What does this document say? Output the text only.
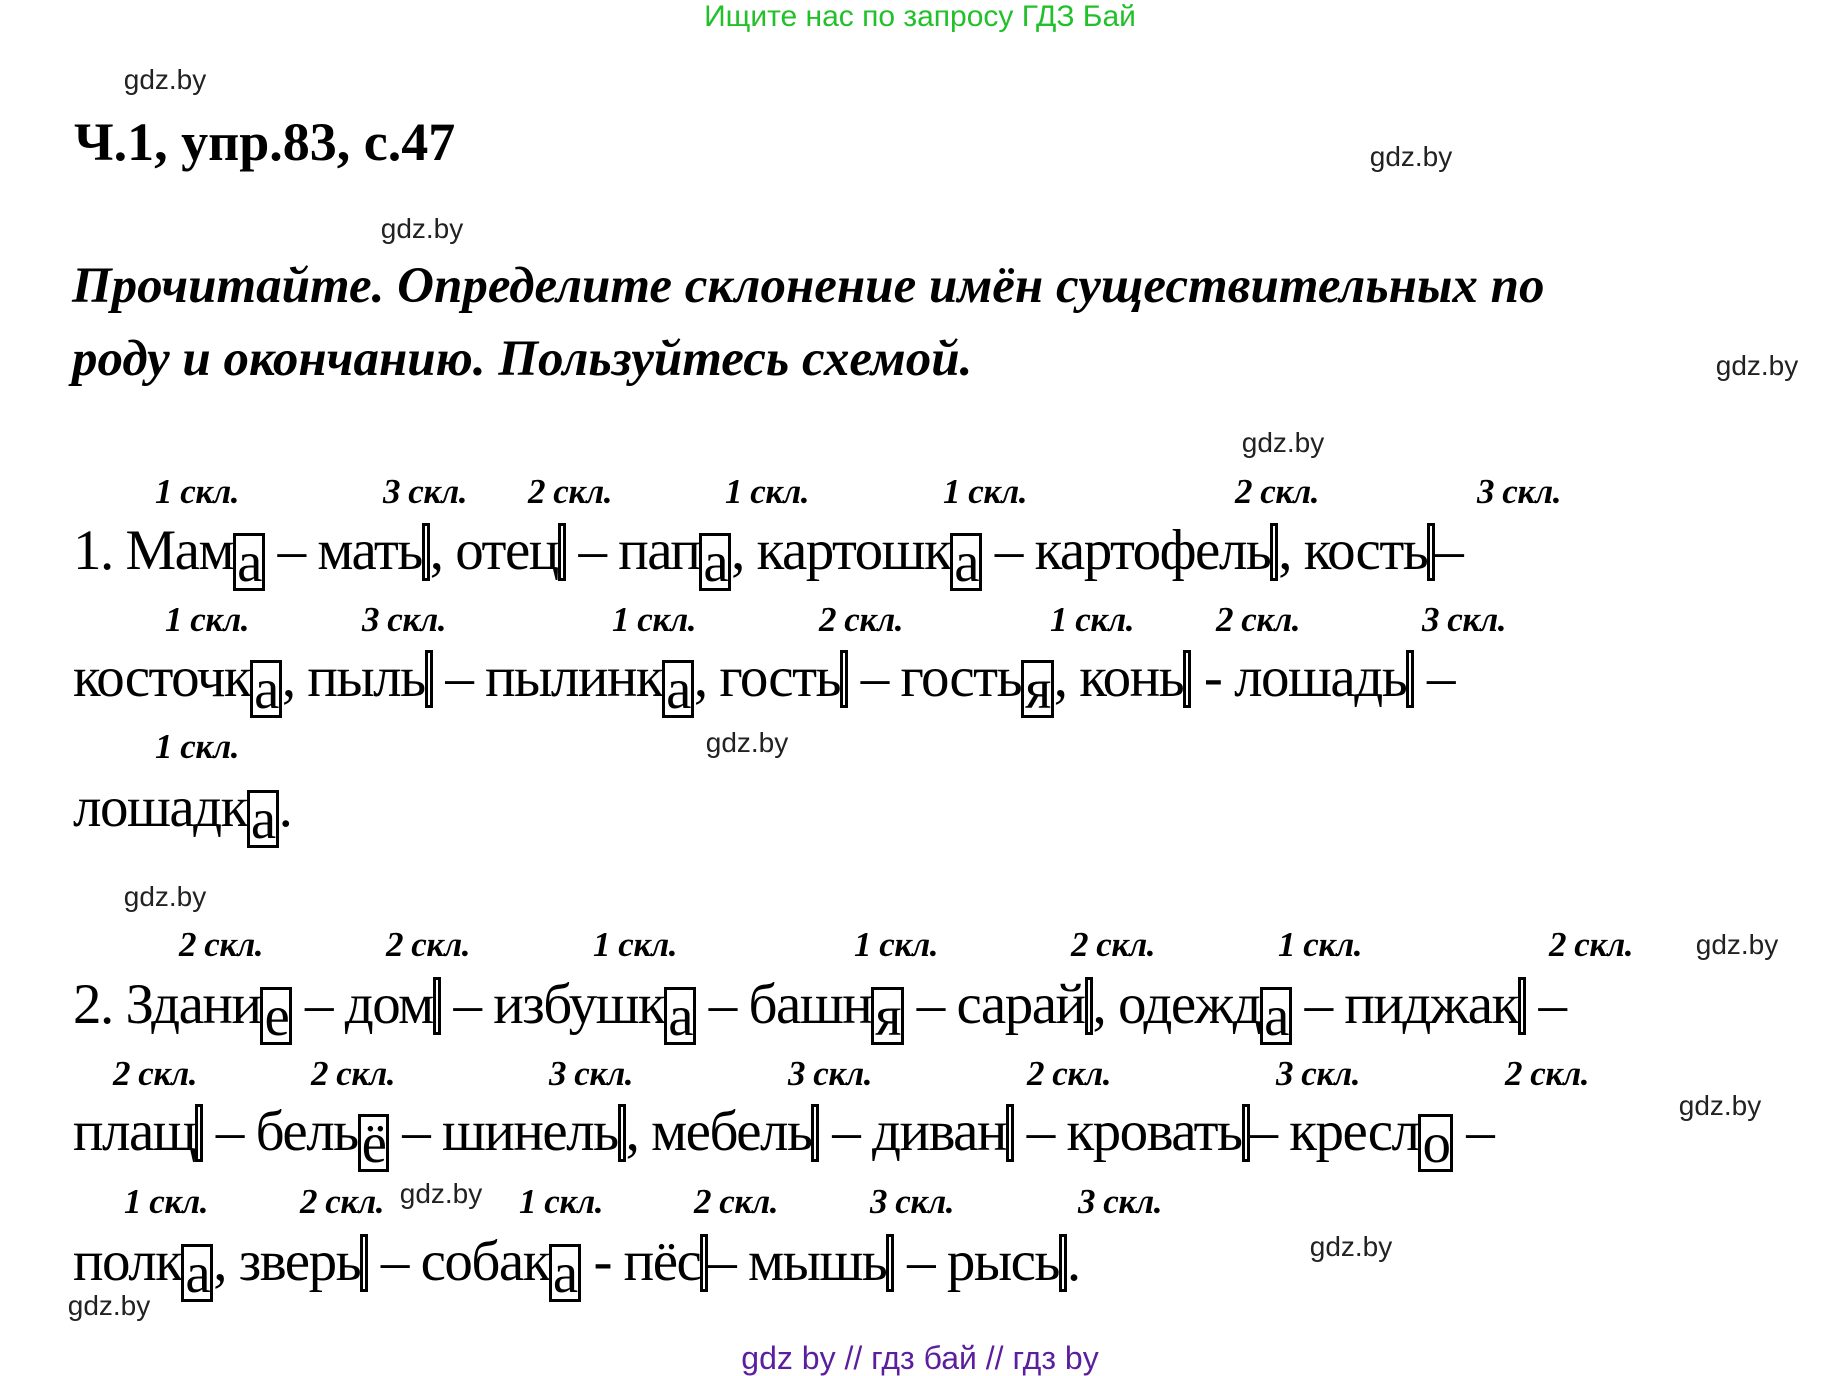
Ищите нас по запросу ГДЗ Бай
Ч.1, упр.83, с.47
Прочитайте. Определите склонение имён существительных по
роду и окончанию. Пользуйтесь схемой.
gdz.by
gdz.by
gdz.by
gdz.by
gdz.by
gdz.by
gdz.by
gdz.by
gdz.by
gdz.by
gdz.by
gdz.by
1 скл.	3 скл. 2 скл.	1 скл.	1 скл.	2 скл.	3 скл.
1. Мама – мать , отец – папа, картошка – картофель , кость –
1 скл.	3 скл.	1 скл.	2 скл.	1 скл. 2 скл.	3 скл.
косточка, пыль – пылинка, гость – гостья, конь - лошадь –
1 скл.
лошадка.
2 скл.	2 скл.	1 скл.	1 скл.	2 скл.	1 скл.	2 скл.
2. Здание – дом – избушка – башня – сарай , одежда – пиджак –
2 скл.	2 скл.	3 скл.	3 скл.	2 скл.	3 скл.	2 скл.
плащ – бельё – шинель , мебель – диван – кровать – кресло –
1 скл.	2 скл.	1 скл.	2 скл.	3 скл.	3 скл.
полка, зверь – собака - пёс – мышь – рысь .
gdz by // гдз бай // гдз by
